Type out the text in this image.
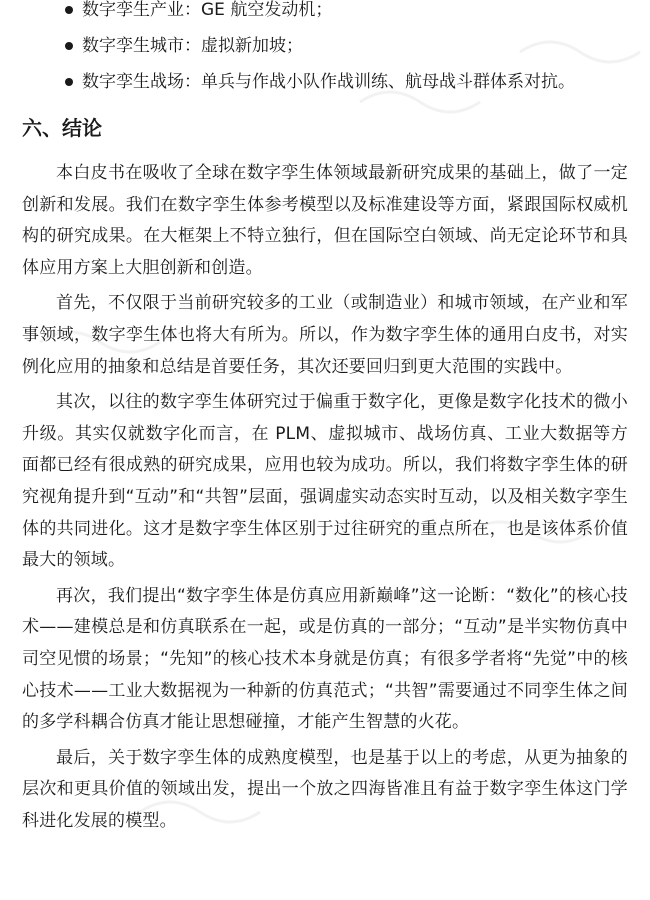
数字孪生产业：GE 航空发动机；
数字孪生城市：虚拟新加坡；
数字孪生战场：单兵与作战小队作战训练、航母战斗群体系对抗。
六、结论

本白皮书在吸收了全球在数字孪生体领域最新研究成果的基础上，做了一定创新和发展。我们在数字孪生体参考模型以及标准建设等方面，紧跟国际权威机构的研究成果。在大框架上不特立独行，但在国际空白领域、尚无定论环节和具体应用方案上大胆创新和创造。

首先，不仅限于当前研究较多的工业（或制造业）和城市领域，在产业和军事领域，数字孪生体也将大有所为。所以，作为数字孪生体的通用白皮书，对实例化应用的抽象和总结是首要任务，其次还要回归到更大范围的实践中。

其次，以往的数字孪生体研究过于偏重于数字化，更像是数字化技术的微小升级。其实仅就数字化而言，在 PLM、虚拟城市、战场仿真、工业大数据等方面都已经有很成熟的研究成果，应用也较为成功。所以，我们将数字孪生体的研究视角提升到“互动”和“共智”层面，强调虚实动态实时互动，以及相关数字孪生体的共同进化。这才是数字孪生体区别于过往研究的重点所在，也是该体系价值最大的领域。

再次，我们提出“数字孪生体是仿真应用新巅峰”这一论断：“数化”的核心技术——建模总是和仿真联系在一起，或是仿真的一部分；“互动”是半实物仿真中司空见惯的场景；“先知”的核心技术本身就是仿真；有很多学者将“先觉”中的核心技术——工业大数据视为一种新的仿真范式；“共智”需要通过不同孪生体之间的多学科耦合仿真才能让思想碰撞，才能产生智慧的火花。

最后，关于数字孪生体的成熟度模型，也是基于以上的考虑，从更为抽象的层次和更具价值的领域出发，提出一个放之四海皆准且有益于数字孪生体这门学科进化发展的模型。
